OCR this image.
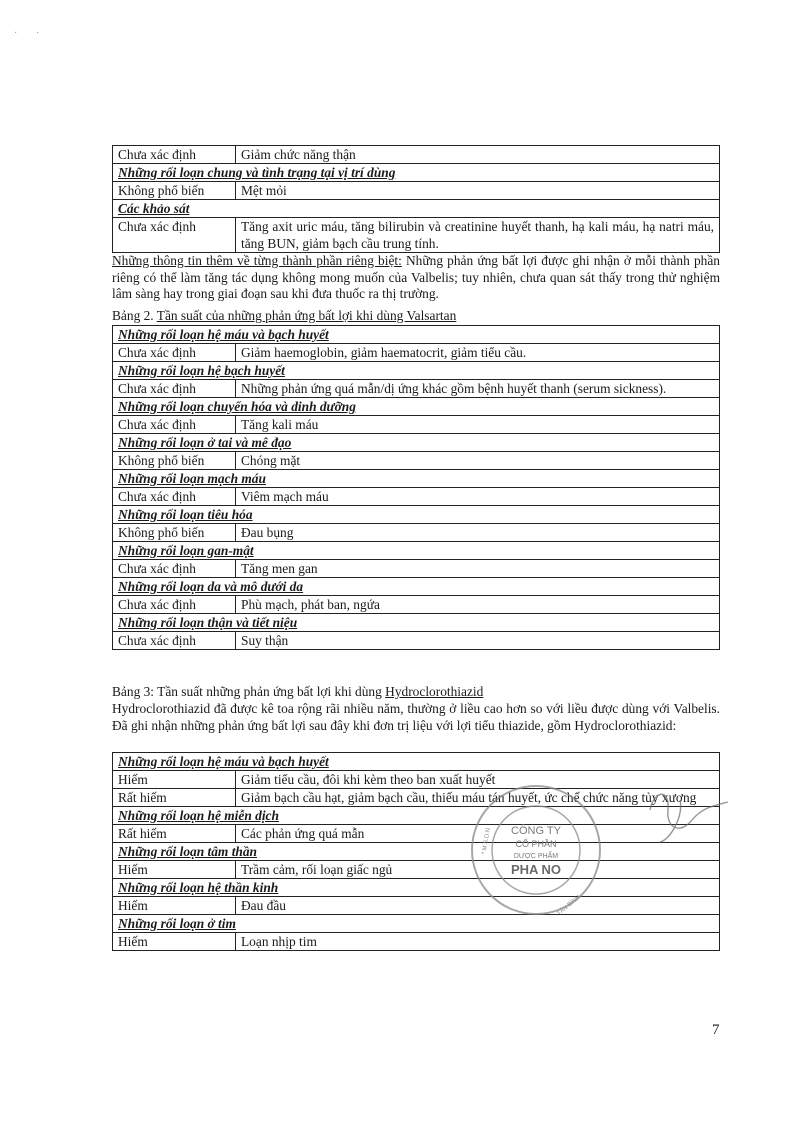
· ·
Chưa xác định	Giảm chức năng thận
Những rối loạn chung và tình trạng tại vị trí dùng	
Không phổ biến	Mệt mỏi
Các khảo sát	
Chưa xác định	Tăng axit uric máu, tăng bilirubin và creatinine huyết thanh, hạ kali máu, hạ natri máu, tăng BUN, giảm bạch cầu trung tính.
Những thông tin thêm về từng thành phần riêng biệt: Những phản ứng bất lợi được ghi nhận ở mỗi thành phần riêng có thể làm tăng tác dụng không mong muốn của Valbelis; tuy nhiên, chưa quan sát thấy trong thử nghiệm lâm sàng hay trong giai đoạn sau khi đưa thuốc ra thị trường.
Bảng 2. Tần suất của những phản ứng bất lợi khi dùng Valsartan
Những rối loạn hệ máu và bạch huyết	
Chưa xác định	Giảm haemoglobin, giảm haematocrit, giảm tiểu cầu.
Những rối loạn hệ bạch huyết	
Chưa xác định	Những phản ứng quá mẫn/dị ứng khác gồm bệnh huyết thanh (serum sickness).
Những rối loạn chuyển hóa và dinh dưỡng	
Chưa xác định	Tăng kali máu
Những rối loạn ở tai và mê đạo	
Không phổ biến	Chóng mặt
Những rối loạn mạch máu	
Chưa xác định	Viêm mạch máu
Những rối loạn tiêu hóa	
Không phổ biến	Đau bụng
Những rối loạn gan-mật	
Chưa xác định	Tăng men gan
Những rối loạn da và mô dưới da	
Chưa xác định	Phù mạch, phát ban, ngứa
Những rối loạn thận và tiết niệu	
Chưa xác định	Suy thận
Bảng 3: Tần suất những phản ứng bất lợi khi dùng Hydroclorothiazid
Hydroclorothiazid đã được kê toa rộng rãi nhiều năm, thường ở liều cao hơn so với liều được dùng với Valbelis. Đã ghi nhận những phản ứng bất lợi sau đây khi đơn trị liệu với lợi tiểu thiazide, gồm Hydroclorothiazid:
Những rối loạn hệ máu và bạch huyết	
Hiếm	Giảm tiểu cầu, đôi khi kèm theo ban xuất huyết
Rất hiếm	Giảm bạch cầu hạt, giảm bạch cầu, thiếu máu tán huyết, ức chế chức năng tủy xương
Những rối loạn hệ miễn dịch	
Rất hiếm	Các phản ứng quá mẫn
Những rối loạn tâm thần	
Hiếm	Trầm cảm, rối loạn giấc ngủ
Những rối loạn hệ thần kinh	
Hiếm	Đau đầu
Những rối loạn ở tim	
Hiếm	Loạn nhịp tim
CÔNG TY
CỔ PHẦN
DƯỢC PHẨM
PHA NO
* M.S.D.N
TÂN BÌNH
7
